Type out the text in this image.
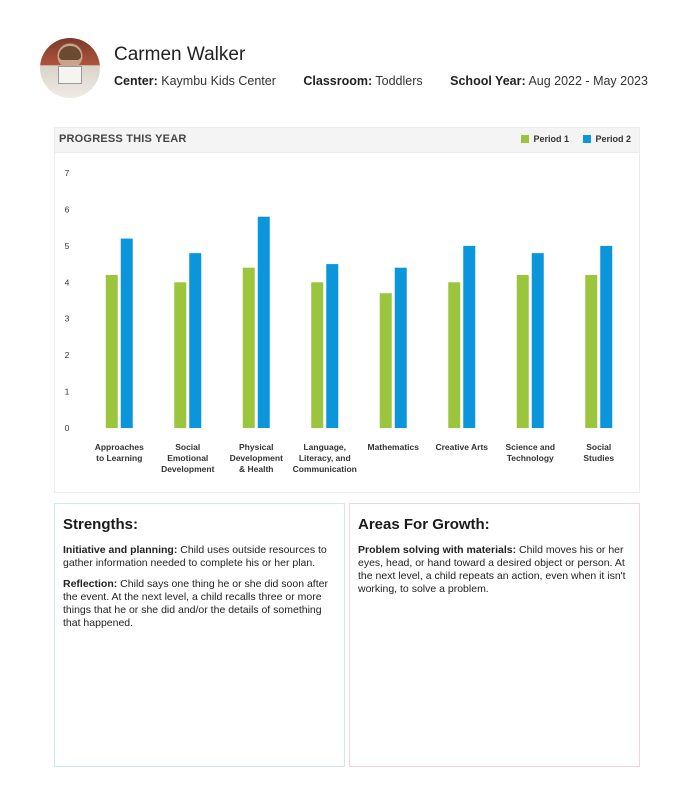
Carmen Walker
Center: Kaymbu Kids Center Classroom: Toddlers School Year: Aug 2022 - May 2023
0
1
2
3
4
5
6
7
Approaches
to Learning
Social
Emotional
Development
Physical
Development
& Health
Language,
Literacy, and
Communication
Mathematics Creative Arts Science and
Technology
Social
Studies
PROGRESS THIS YEAR	Period 1	Period 2
Strengths:

Initiative and planning: Child uses outside resources to gather information needed to complete his or her plan.

Reflection: Child says one thing he or she did soon after the event. At the next level, a child recalls three or more things that he or she did and/or the details of something that happened.

Areas For Growth:

Problem solving with materials: Child moves his or her eyes, head, or hand toward a desired object or person. At the next level, a child repeats an action, even when it isn't working, to solve a problem.
